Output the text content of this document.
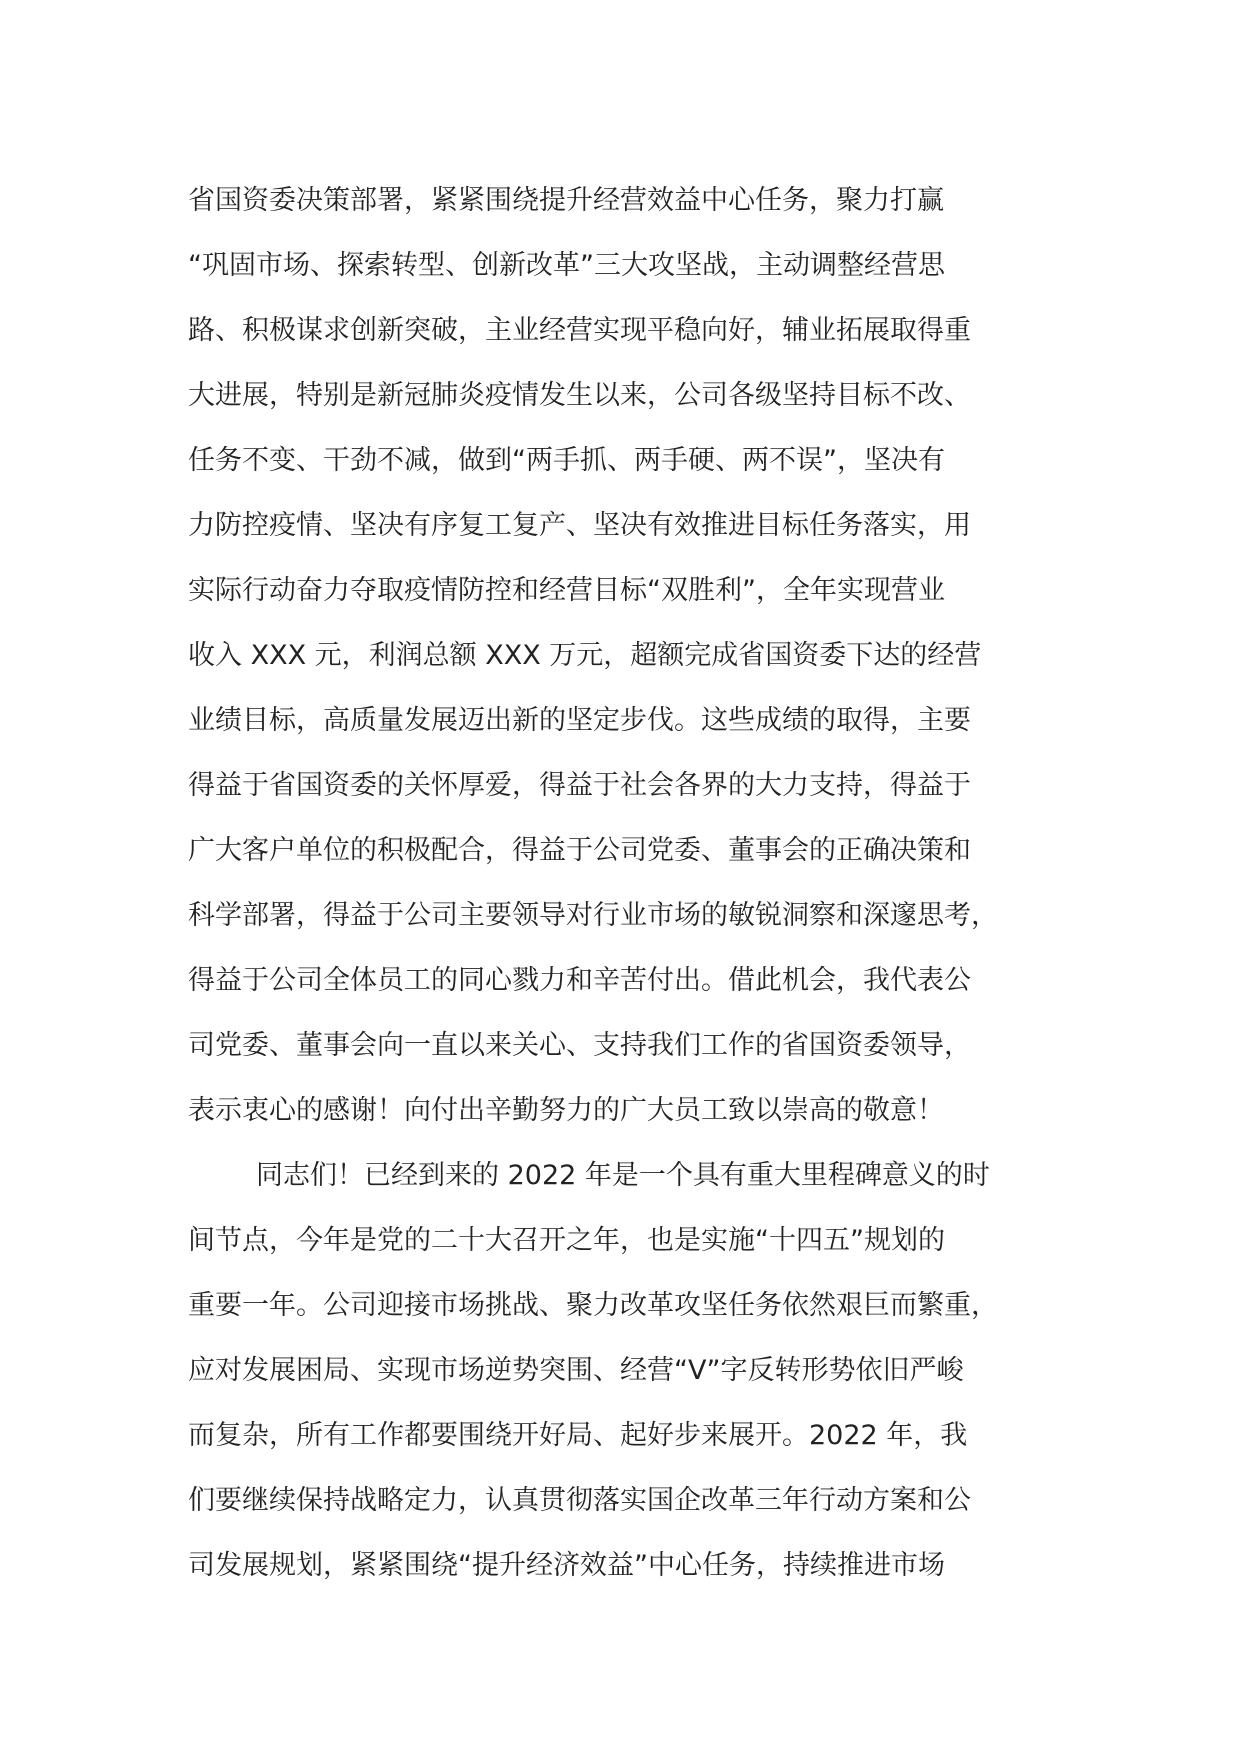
省国资委决策部署，紧紧围绕提升经营效益中心任务，聚力打赢
“巩固市场、探索转型、创新改革”三大攻坚战，主动调整经营思
路、积极谋求创新突破，主业经营实现平稳向好，辅业拓展取得重
大进展，特别是新冠肺炎疫情发生以来，公司各级坚持目标不改、
任务不变、干劲不减，做到“两手抓、两手硬、两不误”，坚决有
力防控疫情、坚决有序复工复产、坚决有效推进目标任务落实，用
实际行动奋力夺取疫情防控和经营目标“双胜利”，全年实现营业
收入 XXX 元，利润总额 XXX 万元，超额完成省国资委下达的经营
业绩目标，高质量发展迈出新的坚定步伐。这些成绩的取得，主要
得益于省国资委的关怀厚爱，得益于社会各界的大力支持，得益于
广大客户单位的积极配合，得益于公司党委、董事会的正确决策和
科学部署，得益于公司主要领导对行业市场的敏锐洞察和深邃思考，
得益于公司全体员工的同心戮力和辛苦付出。借此机会，我代表公
司党委、董事会向一直以来关心、支持我们工作的省国资委领导，
表示衷心的感谢！向付出辛勤努力的广大员工致以崇高的敬意！
同志们！已经到来的 2022 年是一个具有重大里程碑意义的时
间节点，今年是党的二十大召开之年，也是实施“十四五”规划的
重要一年。公司迎接市场挑战、聚力改革攻坚任务依然艰巨而繁重，
应对发展困局、实现市场逆势突围、经营“V”字反转形势依旧严峻
而复杂，所有工作都要围绕开好局、起好步来展开。2022 年，我
们要继续保持战略定力，认真贯彻落实国企改革三年行动方案和公
司发展规划，紧紧围绕“提升经济效益”中心任务，持续推进市场
